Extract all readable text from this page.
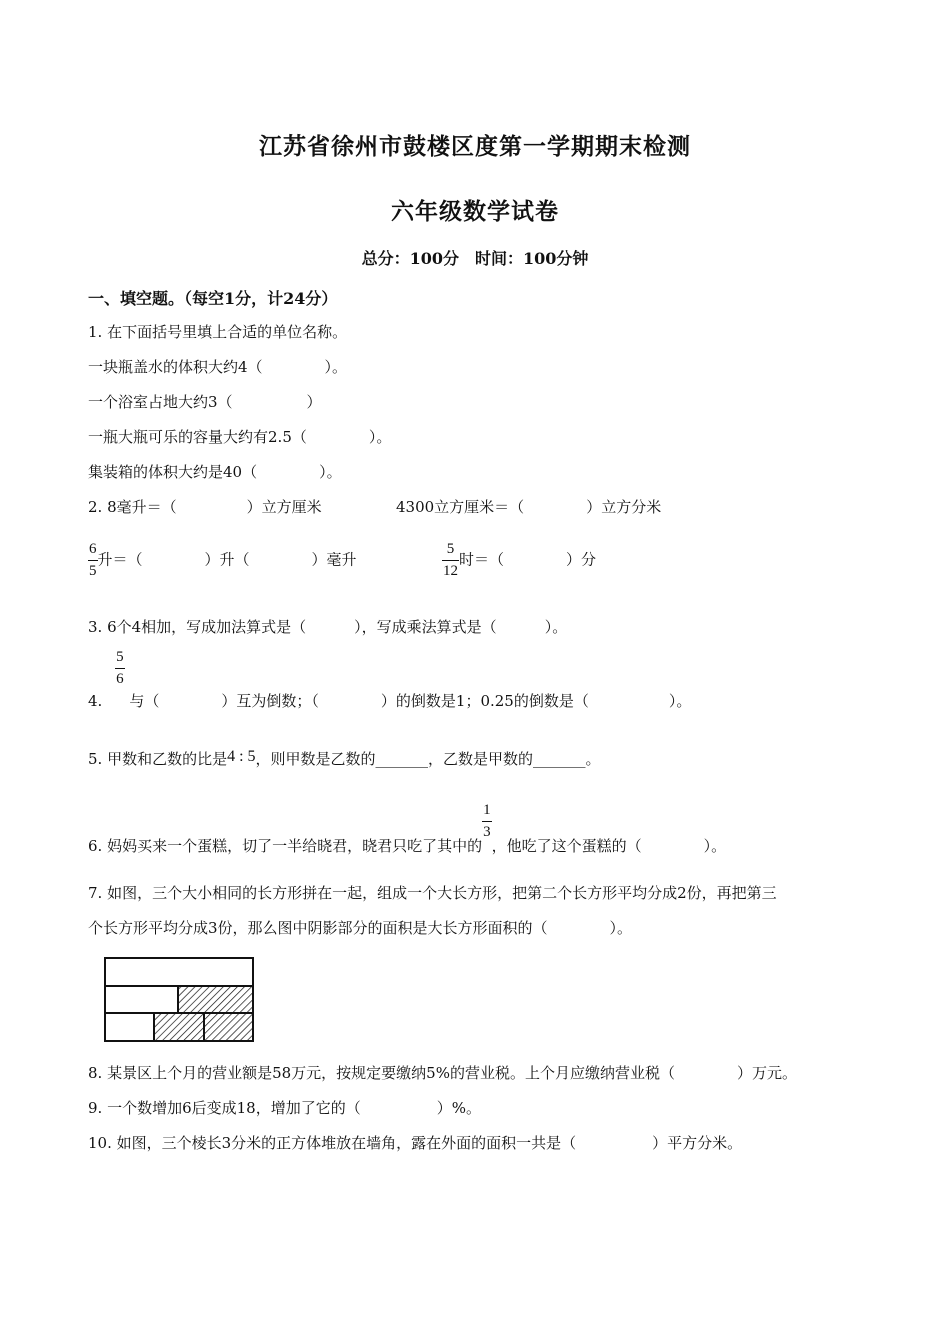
江苏省徐州市鼓楼区度第一学期期末检测
六年级数学试卷
总分：100分　时间：100分钟
一、填空题。（每空1分，计24分）
1. 在下面括号里填上合适的单位名称。
一块瓶盖水的体积大约4（	）。
一个浴室占地大约3（	）
一瓶大瓶可乐的容量大约有2.5（	）。
集装箱的体积大约是40（	）。
2. 8毫升＝（	）立方厘米	4300立方厘米＝（	）立方分米
$\frac{6}{5}$ 升＝（	）升（	）毫升	$\frac{5}{12}$ 时＝（	）分
3. 6个4相加，写成加法算式是（	），写成乘法算式是（	）。
4.
$\frac{5}{6}$
与（	）互为倒数；（	）的倒数是1；0.25的倒数是（	）。
5. 甲数和乙数的比是4 : 5，则甲数是乙数的_______，乙数是甲数的_______。
6. 妈妈买来一个蛋糕，切了一半给晓君，晓君只吃了其中的
$\frac{1}{3}$
，他吃了这个蛋糕的（	）。
7. 如图，三个大小相同的长方形拼在一起，组成一个大长方形，把第二个长方形平均分成2份，再把第三
个长方形平均分成3份，那么图中阴影部分的面积是大长方形面积的（	）。
8. 某景区上个月的营业额是58万元，按规定要缴纳5%的营业税。上个月应缴纳营业税（	）万元。
9. 一个数增加6后变成18，增加了它的（	）%。
10. 如图，三个棱长3分米的正方体堆放在墙角，露在外面的面积一共是（	）平方分米。
